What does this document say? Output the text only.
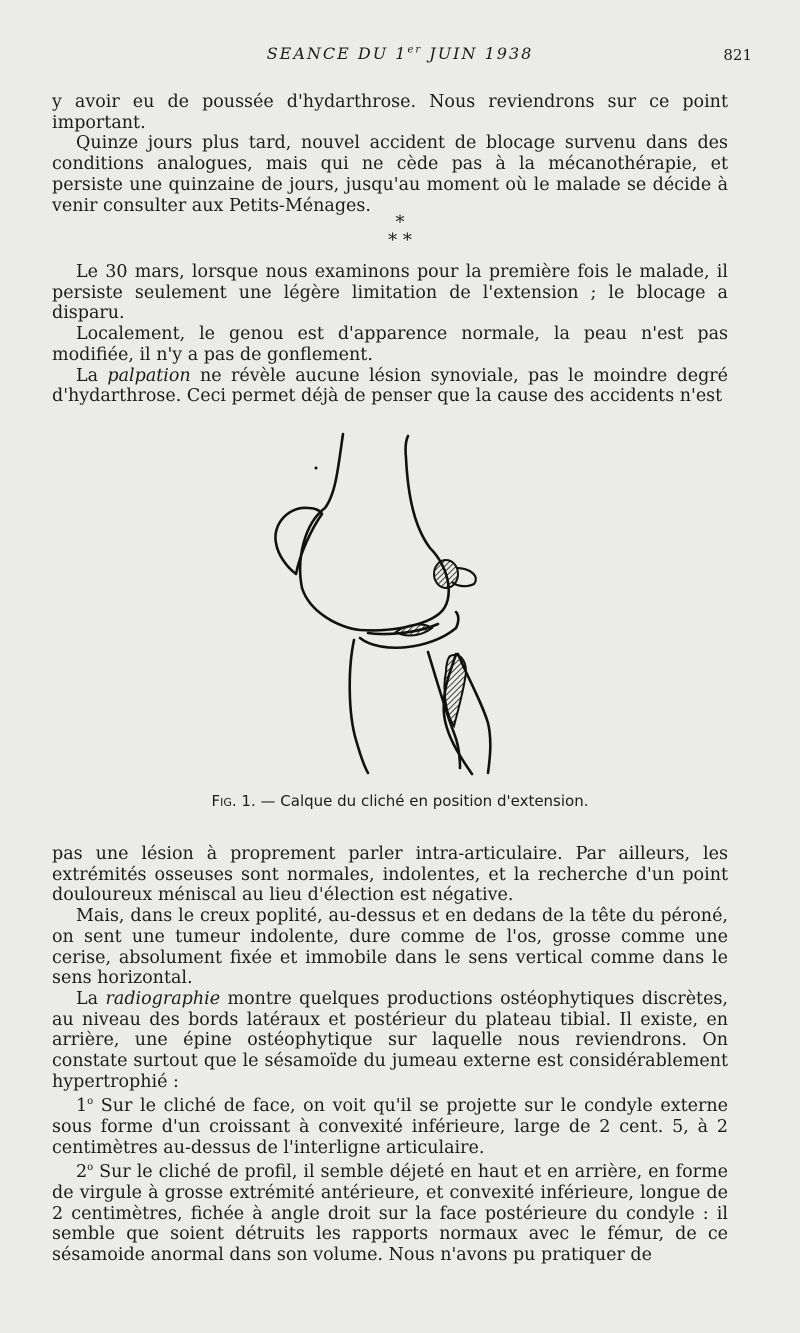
SEANCE DU 1er JUIN 1938	821

y avoir eu de poussée d'hydarthrose. Nous reviendrons sur ce point important.

Quinze jours plus tard, nouvel accident de blocage survenu dans des conditions analogues, mais qui ne cède pas à la mécanothérapie, et persiste une quinzaine de jours, jusqu'au moment où le malade se décide à venir consulter aux Petits-Ménages.

*
* *

Le 30 mars, lorsque nous examinons pour la première fois le malade, il persiste seulement une légère limitation de l'extension ; le blocage a disparu.

Localement, le genou est d'apparence normale, la peau n'est pas modifiée, il n'y a pas de gonflement.

La palpation ne révèle aucune lésion synoviale, pas le moindre degré d'hydarthrose. Ceci permet déjà de penser que la cause des accidents n'est

Fig. 1. — Calque du cliché en position d'extension.

pas une lésion à proprement parler intra-articulaire. Par ailleurs, les extrémités osseuses sont normales, indolentes, et la recherche d'un point douloureux méniscal au lieu d'élection est négative.

Mais, dans le creux poplité, au-dessus et en dedans de la tête du péroné, on sent une tumeur indolente, dure comme de l'os, grosse comme une cerise, absolument fixée et immobile dans le sens vertical comme dans le sens horizontal.

La radiographie montre quelques productions ostéophytiques discrètes, au niveau des bords latéraux et postérieur du plateau tibial. Il existe, en arrière, une épine ostéophytique sur laquelle nous reviendrons. On constate surtout que le sésamoïde du jumeau externe est considérablement hypertrophié :

1$^o$ Sur le cliché de face, on voit qu'il se projette sur le condyle externe sous forme d'un croissant à convexité inférieure, large de 2 cent. 5, à 2 centimètres au-dessus de l'interligne articulaire.

2$^o$ Sur le cliché de profil, il semble déjeté en haut et en arrière, en forme de virgule à grosse extrémité antérieure, et convexité inférieure, longue de 2 centimètres, fichée à angle droit sur la face postérieure du condyle : il semble que soient détruits les rapports normaux avec le fémur, de ce sésamoide anormal dans son volume. Nous n'avons pu pratiquer de
